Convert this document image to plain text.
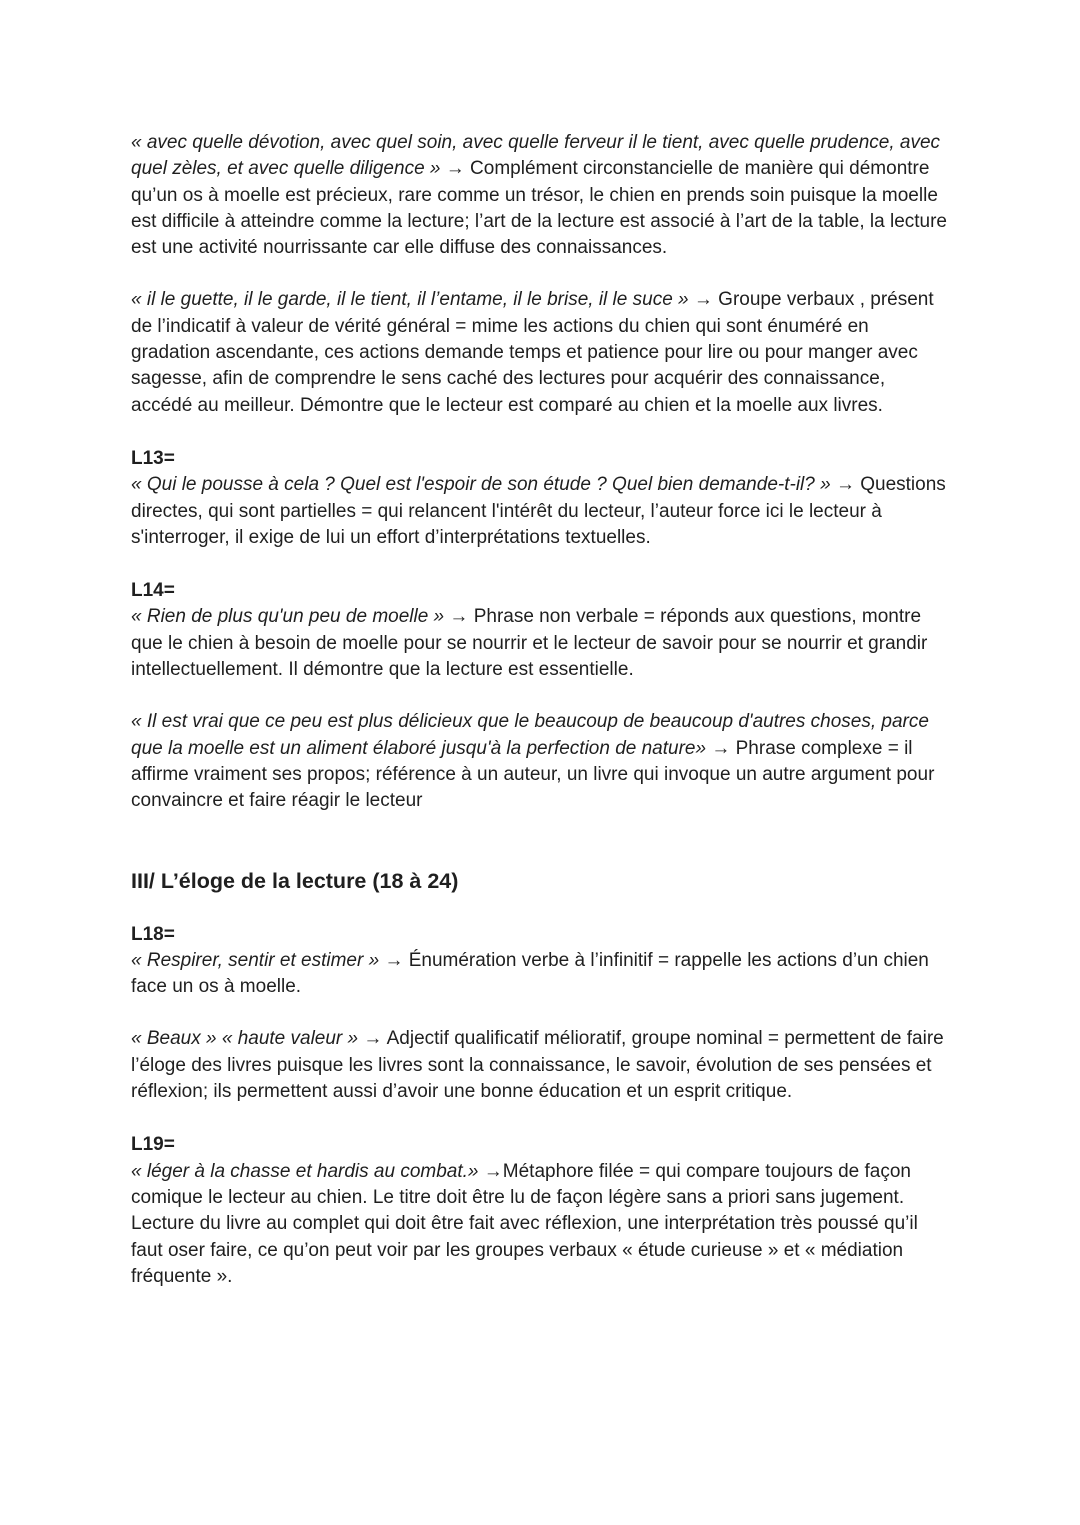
« avec quelle dévotion, avec quel soin, avec quelle ferveur il le tient, avec quelle prudence, avec quel zèles, et avec quelle diligence » → Complément circonstancielle de manière qui démontre qu’un os à moelle est précieux, rare comme un trésor, le chien en prends soin puisque la moelle est difficile à atteindre comme la lecture; l’art de la lecture est associé à l’art de la table, la lecture est une activité nourrissante car elle diffuse des connaissances.

« il le guette, il le garde, il le tient, il l’entame, il le brise, il le suce » → Groupe verbaux , présent de l’indicatif à valeur de vérité général = mime les actions du chien qui sont énuméré en gradation ascendante, ces actions demande temps et patience pour lire ou pour manger avec sagesse, afin de comprendre le sens caché des lectures pour acquérir des connaissance, accédé au meilleur. Démontre que le lecteur est comparé au chien et la moelle aux livres.

L13=

« Qui le pousse à cela ? Quel est l'espoir de son étude ? Quel bien demande-t-il? » → Questions directes, qui sont partielles = qui relancent l'intérêt du lecteur, l’auteur force ici le lecteur à s'interroger, il exige de lui un effort d’interprétations textuelles.

L14=

« Rien de plus qu'un peu de moelle » → Phrase non verbale = réponds aux questions, montre que le chien à besoin de moelle pour se nourrir et le lecteur de savoir pour se nourrir et grandir intellectuellement. Il démontre que la lecture est essentielle.

« Il est vrai que ce peu est plus délicieux que le beaucoup de beaucoup d'autres choses, parce que la moelle est un aliment élaboré jusqu'à la perfection de nature» → Phrase complexe = il affirme vraiment ses propos; référence à un auteur, un livre qui invoque un autre argument pour convaincre et faire réagir le lecteur

III/ L’éloge de la lecture (18 à 24)

L18=

« Respirer, sentir et estimer » → Énumération verbe à l’infinitif = rappelle les actions d’un chien face un os à moelle.

« Beaux » « haute valeur » → Adjectif qualificatif mélioratif, groupe nominal = permettent de faire l’éloge des livres puisque les livres sont la connaissance, le savoir, évolution de ses pensées et réflexion; ils permettent aussi d’avoir une bonne éducation et un esprit critique.

L19=

« léger à la chasse et hardis au combat.» →Métaphore filée = qui compare toujours de façon comique le lecteur au chien. Le titre doit être lu de façon légère sans a priori sans jugement. Lecture du livre au complet qui doit être fait avec réflexion, une interprétation très poussé qu’il faut oser faire, ce qu’on peut voir par les groupes verbaux « étude curieuse » et « médiation fréquente ».
